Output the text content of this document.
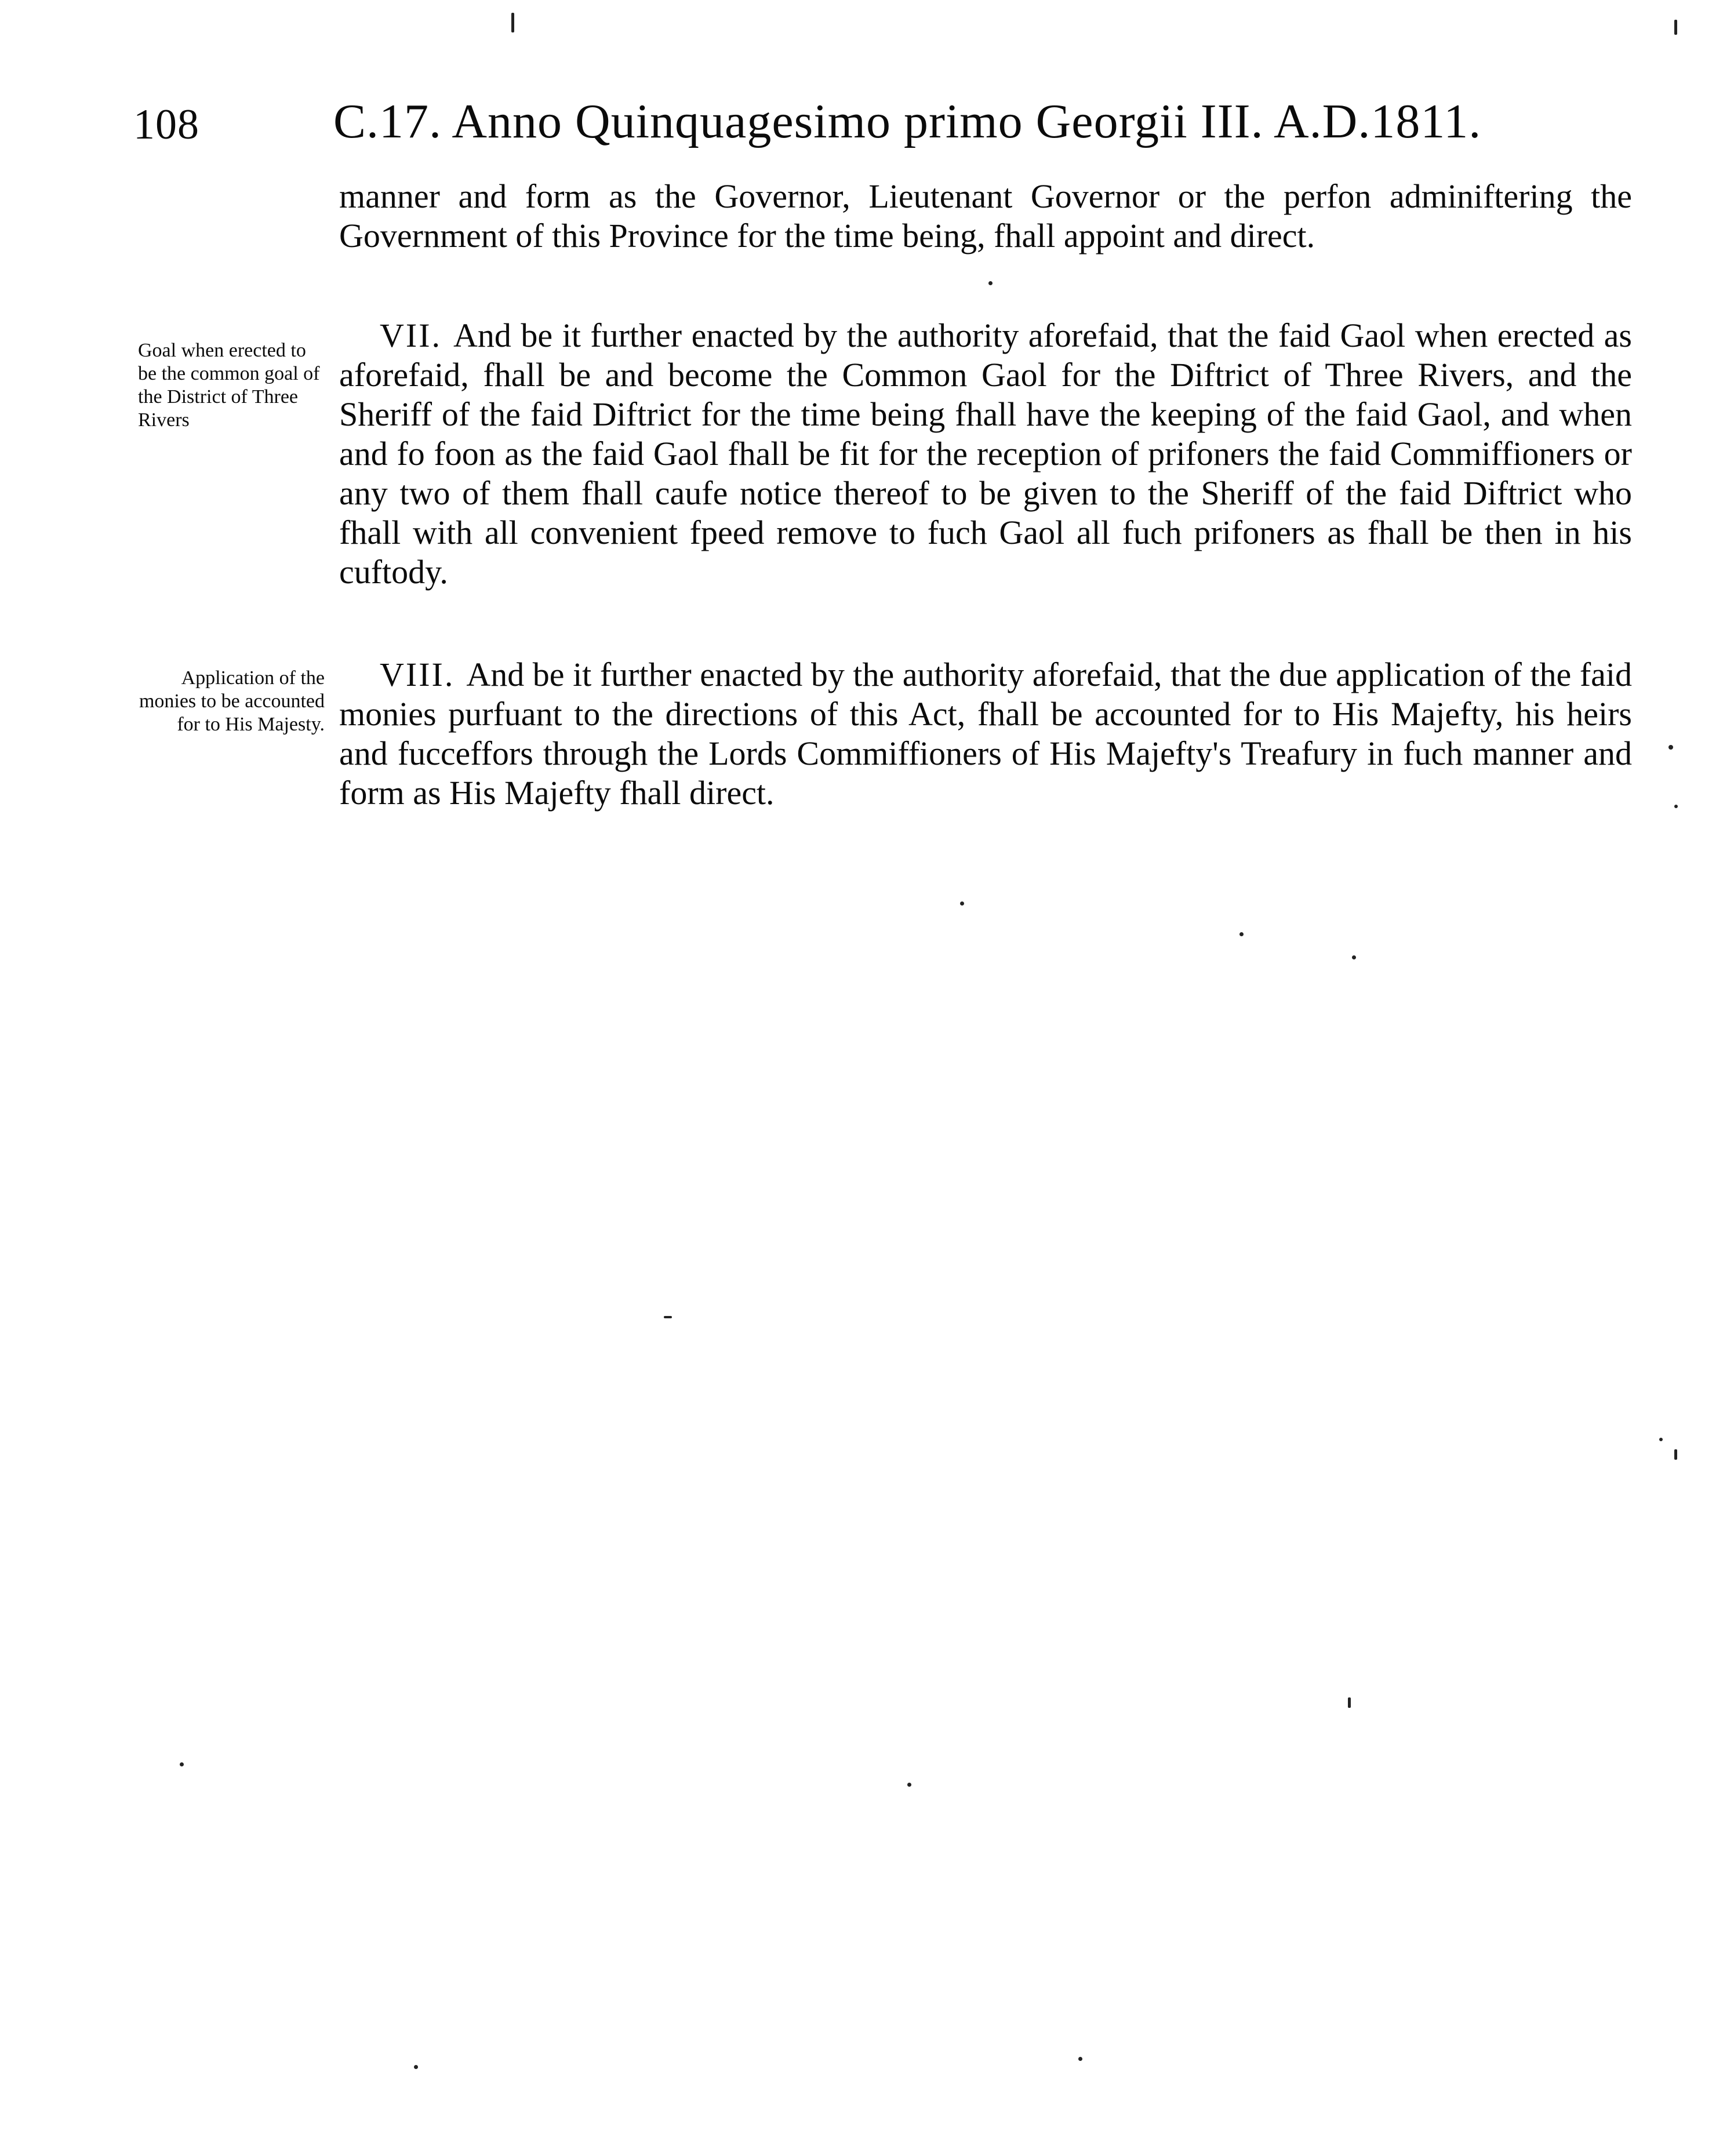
108	C.17. Anno Quinquagesimo primo Georgii III. A.D.1811.
manner and form as the Governor, Lieutenant Governor or the perfon adminiftering the Government of this Province for the time being, fhall appoint and direct.
Goal when erected to be the common goal of the District of Three Rivers
VII. And be it further enacted by the authority aforefaid, that the faid Gaol when erected as aforefaid, fhall be and become the Common Gaol for the Diftrict of Three Rivers, and the Sheriff of the faid Diftrict for the time being fhall have the keeping of the faid Gaol, and when and fo foon as the faid Gaol fhall be fit for the reception of prifoners the faid Commiffioners or any two of them fhall caufe notice thereof to be given to the Sheriff of the faid Diftrict who fhall with all convenient fpeed remove to fuch Gaol all fuch prifoners as fhall be then in his cuftody.
Application of the monies to be accounted for to His Majesty.
VIII. And be it further enacted by the authority aforefaid, that the due application of the faid monies purfuant to the directions of this Act, fhall be accounted for to His Majefty, his heirs and fucceffors through the Lords Commiffioners of His Majefty's Treafury in fuch manner and form as His Majefty fhall direct.
